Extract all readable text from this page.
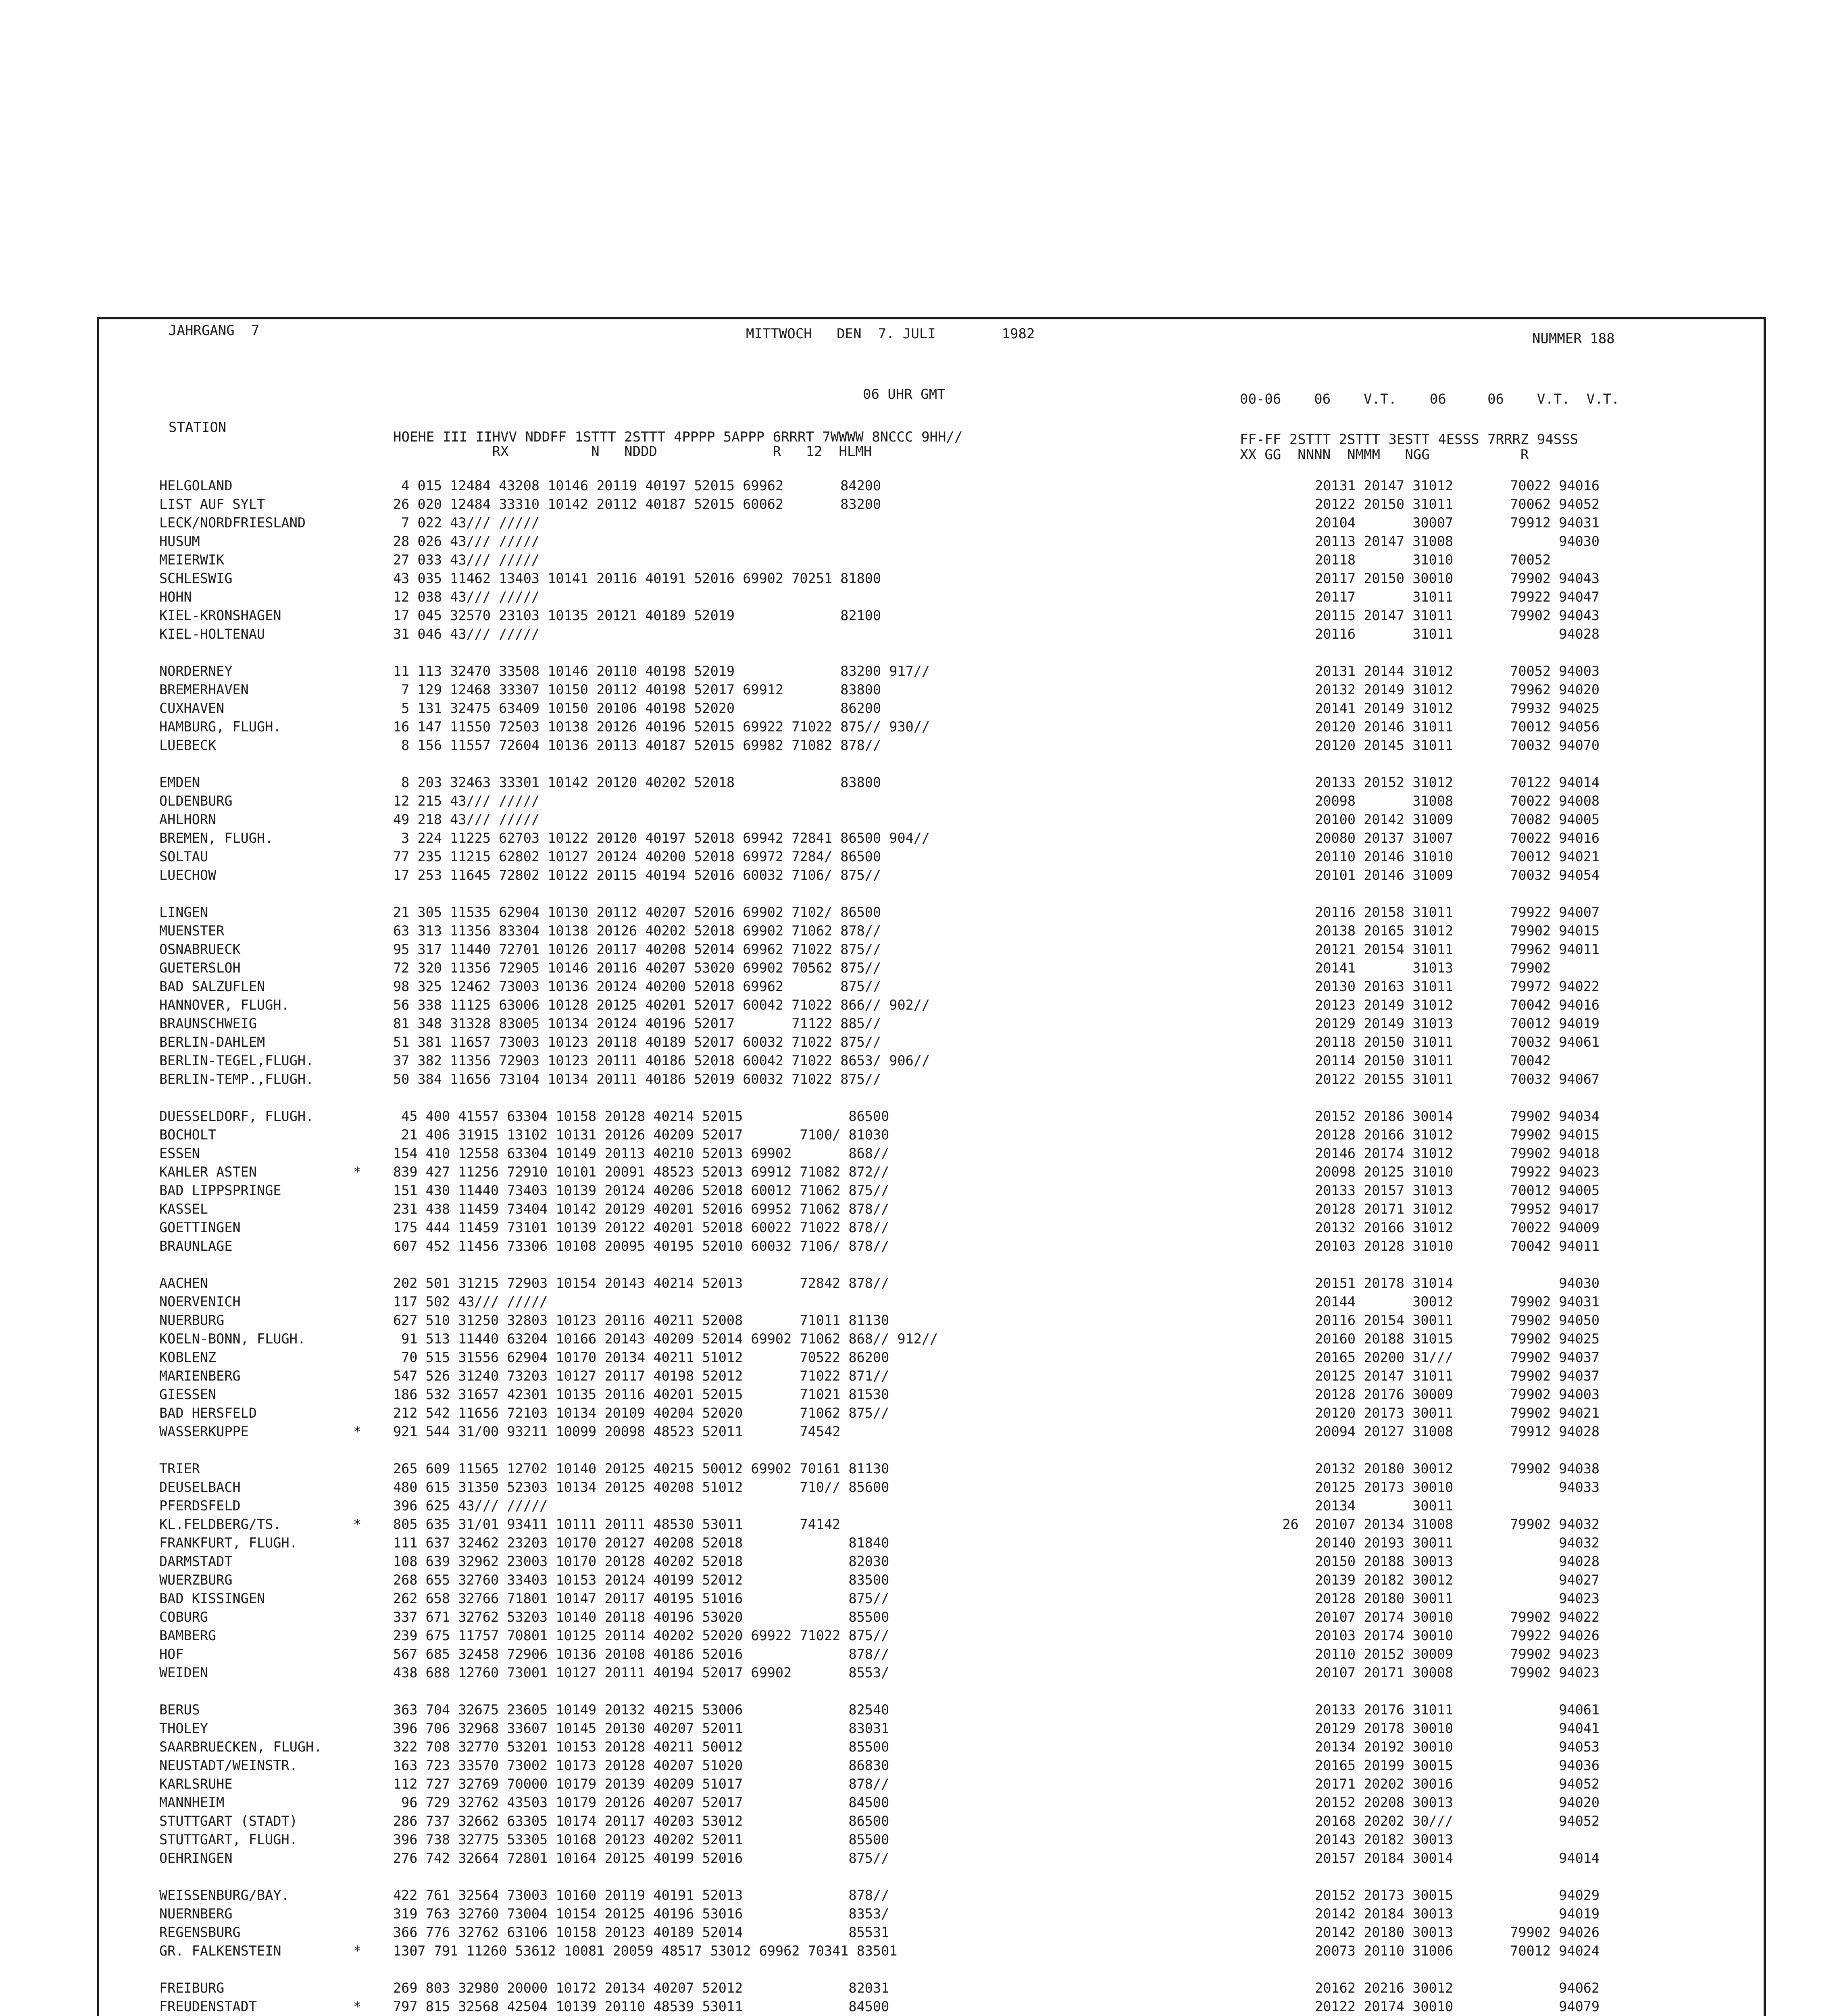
JAHRGANG  7	MITTWOCH   DEN  7. JULI        1982	NUMMER 188
06 UHR GMT	00-06    06    V.T.    06     06    V.T.  V.T.
STATION
HOEHE III IIHVV NDDFF 1STTT 2STTT 4PPPP 5APPP 6RRRT 7WWWW 8NCCC 9HH//
RX          N   NDDD              R   12  HLMH
FF-FF 2STTT 2STTT 3ESTT 4ESSS 7RRRZ 94SSS
XX GG  NNNN  NMMM   NGG           R
HELGOLAND	4 015 12484 43208 10146 20119 40197 52015 69962       84200	20131 20147 31012       70022 94016
LIST AUF SYLT	26 020 12484 33310 10142 20112 40187 52015 60062       83200	20122 20150 31011       70062 94052
LECK/NORDFRIESLAND	7 022 43/// /////	20104       30007       79912 94031
HUSUM	28 026 43/// /////	20113 20147 31008             94030
MEIERWIK	27 033 43/// /////	20118       31010       70052
SCHLESWIG	43 035 11462 13403 10141 20116 40191 52016 69902 70251 81800	20117 20150 30010       79902 94043
HOHN	12 038 43/// /////	20117       31011       79922 94047
KIEL-KRONSHAGEN	17 045 32570 23103 10135 20121 40189 52019             82100	20115 20147 31011       79902 94043
KIEL-HOLTENAU	31 046 43/// /////	20116       31011             94028
NORDERNEY	11 113 32470 33508 10146 20110 40198 52019             83200 917//	20131 20144 31012       70052 94003
BREMERHAVEN	7 129 12468 33307 10150 20112 40198 52017 69912       83800	20132 20149 31012       79962 94020
CUXHAVEN	5 131 32475 63409 10150 20106 40198 52020             86200	20141 20149 31012       79932 94025
HAMBURG, FLUGH.	16 147 11550 72503 10138 20126 40196 52015 69922 71022 875// 930//	20120 20146 31011       70012 94056
LUEBECK	8 156 11557 72604 10136 20113 40187 52015 69982 71082 878//	20120 20145 31011       70032 94070
EMDEN	8 203 32463 33301 10142 20120 40202 52018             83800	20133 20152 31012       70122 94014
OLDENBURG	12 215 43/// /////	20098       31008       70022 94008
AHLHORN	49 218 43/// /////	20100 20142 31009       70082 94005
BREMEN, FLUGH.	3 224 11225 62703 10122 20120 40197 52018 69942 72841 86500 904//	20080 20137 31007       70022 94016
SOLTAU	77 235 11215 62802 10127 20124 40200 52018 69972 7284/ 86500	20110 20146 31010       70012 94021
LUECHOW	17 253 11645 72802 10122 20115 40194 52016 60032 7106/ 875//	20101 20146 31009       70032 94054
LINGEN	21 305 11535 62904 10130 20112 40207 52016 69902 7102/ 86500	20116 20158 31011       79922 94007
MUENSTER	63 313 11356 83304 10138 20126 40202 52018 69902 71062 878//	20138 20165 31012       79902 94015
OSNABRUECK	95 317 11440 72701 10126 20117 40208 52014 69962 71022 875//	20121 20154 31011       79962 94011
GUETERSLOH	72 320 11356 72905 10146 20116 40207 53020 69902 70562 875//	20141       31013       79902
BAD SALZUFLEN	98 325 12462 73003 10136 20124 40200 52018 69962       875//	20130 20163 31011       79972 94022
HANNOVER, FLUGH.	56 338 11125 63006 10128 20125 40201 52017 60042 71022 866// 902//	20123 20149 31012       70042 94016
BRAUNSCHWEIG	81 348 31328 83005 10134 20124 40196 52017       71122 885//	20129 20149 31013       70012 94019
BERLIN-DAHLEM	51 381 11657 73003 10123 20118 40189 52017 60032 71022 875//	20118 20150 31011       70032 94061
BERLIN-TEGEL,FLUGH.	37 382 11356 72903 10123 20111 40186 52018 60042 71022 8653/ 906//	20114 20150 31011       70042
BERLIN-TEMP.,FLUGH.	50 384 11656 73104 10134 20111 40186 52019 60032 71022 875//	20122 20155 31011       70032 94067
DUESSELDORF, FLUGH.	45 400 41557 63304 10158 20128 40214 52015             86500	20152 20186 30014       79902 94034
BOCHOLT	21 406 31915 13102 10131 20126 40209 52017       7100/ 81030	20128 20166 31012       79902 94015
ESSEN	154 410 12558 63304 10149 20113 40210 52013 69902       868//	20146 20174 31012       79902 94018
KAHLER ASTEN	* 839 427 11256 72910 10101 20091 48523 52013 69912 71082 872//	20098 20125 31010       79922 94023
BAD LIPPSPRINGE	151 430 11440 73403 10139 20124 40206 52018 60012 71062 875//	20133 20157 31013       70012 94005
KASSEL	231 438 11459 73404 10142 20129 40201 52016 69952 71062 878//	20128 20171 31012       79952 94017
GOETTINGEN	175 444 11459 73101 10139 20122 40201 52018 60022 71022 878//	20132 20166 31012       70022 94009
BRAUNLAGE	607 452 11456 73306 10108 20095 40195 52010 60032 7106/ 878//	20103 20128 31010       70042 94011
AACHEN	202 501 31215 72903 10154 20143 40214 52013       72842 878//	20151 20178 31014             94030
NOERVENICH	117 502 43/// /////	20144       30012       79902 94031
NUERBURG	627 510 31250 32803 10123 20116 40211 52008       71011 81130	20116 20154 30011       79902 94050
KOELN-BONN, FLUGH.	91 513 11440 63204 10166 20143 40209 52014 69902 71062 868// 912//	20160 20188 31015       79902 94025
KOBLENZ	70 515 31556 62904 10170 20134 40211 51012       70522 86200	20165 20200 31///       79902 94037
MARIENBERG	547 526 31240 73203 10127 20117 40198 52012       71022 871//	20125 20147 31011       79902 94037
GIESSEN	186 532 31657 42301 10135 20116 40201 52015       71021 81530	20128 20176 30009       79902 94003
BAD HERSFELD	212 542 11656 72103 10134 20109 40204 52020       71062 875//	20120 20173 30011       79902 94021
WASSERKUPPE	* 921 544 31/00 93211 10099 20098 48523 52011       74542	20094 20127 31008       79912 94028
TRIER	265 609 11565 12702 10140 20125 40215 50012 69902 70161 81130	20132 20180 30012       79902 94038
DEUSELBACH	480 615 31350 52303 10134 20125 40208 51012       710// 85600	20125 20173 30010             94033
PFERDSFELD	396 625 43/// /////	20134       30011
KL.FELDBERG/TS.	* 805 635 31/01 93411 10111 20111 48530 53011       74142	26  20107 20134 31008       79902 94032
FRANKFURT, FLUGH.	111 637 32462 23203 10170 20127 40208 52018             81840	20140 20193 30011             94032
DARMSTADT	108 639 32962 23003 10170 20128 40202 52018             82030	20150 20188 30013             94028
WUERZBURG	268 655 32760 33403 10153 20124 40199 52012             83500	20139 20182 30012             94027
BAD KISSINGEN	262 658 32766 71801 10147 20117 40195 51016             875//	20128 20180 30011             94023
COBURG	337 671 32762 53203 10140 20118 40196 53020             85500	20107 20174 30010       79902 94022
BAMBERG	239 675 11757 70801 10125 20114 40202 52020 69922 71022 875//	20103 20174 30010       79922 94026
HOF	567 685 32458 72906 10136 20108 40186 52016             878//	20110 20152 30009       79902 94023
WEIDEN	438 688 12760 73001 10127 20111 40194 52017 69902       8553/	20107 20171 30008       79902 94023
BERUS	363 704 32675 23605 10149 20132 40215 53006             82540	20133 20176 31011             94061
THOLEY	396 706 32968 33607 10145 20130 40207 52011             83031	20129 20178 30010             94041
SAARBRUECKEN, FLUGH.	322 708 32770 53201 10153 20128 40211 50012             85500	20134 20192 30010             94053
NEUSTADT/WEINSTR.	163 723 33570 73002 10173 20128 40207 51020             86830	20165 20199 30015             94036
KARLSRUHE	112 727 32769 70000 10179 20139 40209 51017             878//	20171 20202 30016             94052
MANNHEIM	96 729 32762 43503 10179 20126 40207 52017             84500	20152 20208 30013             94020
STUTTGART (STADT)	286 737 32662 63305 10174 20117 40203 53012             86500	20168 20202 30///             94052
STUTTGART, FLUGH.	396 738 32775 53305 10168 20123 40202 52011             85500	20143 20182 30013
OEHRINGEN	276 742 32664 72801 10164 20125 40199 52016             875//	20157 20184 30014             94014
WEISSENBURG/BAY.	422 761 32564 73003 10160 20119 40191 52013             878//	20152 20173 30015             94029
NUERNBERG	319 763 32760 73004 10154 20125 40196 53016             8353/	20142 20184 30013             94019
REGENSBURG	366 776 32762 63106 10158 20123 40189 52014             85531	20142 20180 30013       79902 94026
GR. FALKENSTEIN	* 1307 791 11260 53612 10081 20059 48517 53012 69962 70341 83501	20073 20110 31006       70012 94024
FREIBURG	269 803 32980 20000 10172 20134 40207 52012             82031	20162 20216 30012             94062
FREUDENSTADT	* 797 815 32568 42504 10139 20110 48539 53011             84500	20122 20174 30010             94079
